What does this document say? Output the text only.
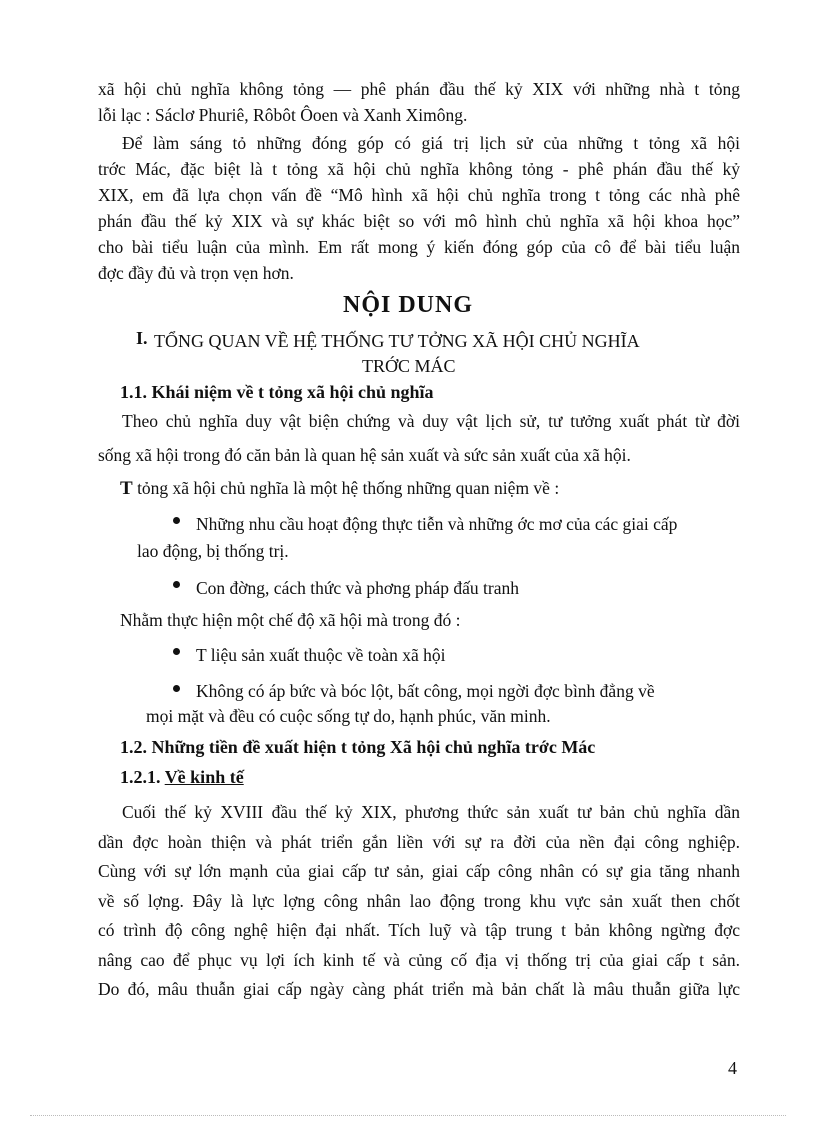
xã hội chủ nghĩa không tỏng — phê phán đầu thế kỷ XIX với những nhà t tỏng
lỗi lạc : Sáclơ Phuriê, Rôbôt Ôoen và Xanh Ximông.
Để làm sáng tỏ những đóng góp có giá trị lịch sử của những t tỏng xã hội
trớc Mác, đặc biệt là t tỏng xã hội chủ nghĩa không tỏng - phê phán đầu thế kỷ
XIX, em đã lựa chọn vấn đề “Mô hình xã hội chủ nghĩa trong t tỏng các nhà phê
phán đầu thế kỷ XIX và sự khác biệt so với mô hình chủ nghĩa xã hội khoa học”
cho bài tiểu luận của mình. Em rất mong ý kiến đóng góp của cô để bài tiểu luận
đợc đầy đủ và trọn vẹn hơn.
NỘI DUNG
I. TỔNG QUAN VỀ HỆ THỐNG TƯ TỞNG XÃ HỘI CHỦ NGHĨA
TRỚC MÁC
1.1. Khái niệm về t tỏng xã hội chủ nghĩa
Theo chủ nghĩa duy vật biện chứng và duy vật lịch sử, tư tưởng xuất phát từ đời
sống xã hội trong đó căn bản là quan hệ sản xuất và sức sản xuất của xã hội.
T tỏng xã hội chủ nghĩa là một hệ thống những quan niệm về :
Những nhu cầu hoạt động thực tiễn và những ớc mơ của các giai cấp
lao động, bị thống trị.
Con đờng, cách thức và phơng pháp đấu tranh
Nhằm thực hiện một chế độ xã hội mà trong đó :
T liệu sản xuất thuộc về toàn xã hội
Không có áp bức và bóc lột, bất công, mọi ngời đợc bình đẳng về
mọi mặt và đều có cuộc sống tự do, hạnh phúc, văn minh.
1.2. Những tiền đề xuất hiện t tỏng Xã hội chủ nghĩa trớc Mác
1.2.1. Về kinh tế
Cuối thế kỷ XVIII đầu thế kỷ XIX, phương thức sản xuất tư bản chủ nghĩa dần
dần đợc hoàn thiện và phát triển gắn liền với sự ra đời của nền đại công nghiệp.
Cùng với sự lớn mạnh của giai cấp tư sản, giai cấp công nhân có sự gia tăng nhanh
về số lợng. Đây là lực lợng công nhân lao động trong khu vực sản xuất then chốt
có trình độ công nghệ hiện đại nhất. Tích luỹ và tập trung t bản không ngừng đợc
nâng cao để phục vụ lợi ích kinh tế và củng cố địa vị thống trị của giai cấp t sản.
Do đó, mâu thuẫn giai cấp ngày càng phát triển mà bản chất là mâu thuẫn giữa lực
4
